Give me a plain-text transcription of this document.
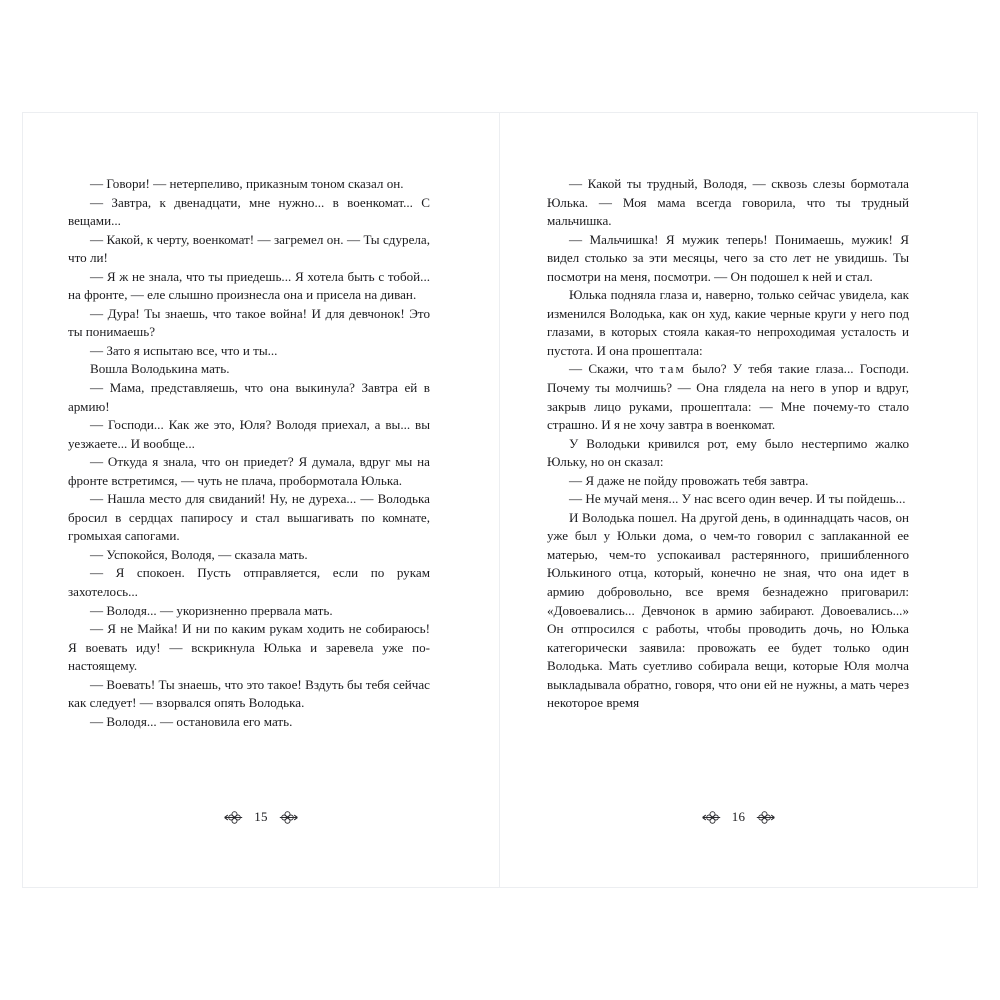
— Говори! — нетерпеливо, приказным тоном сказал он.

— Завтра, к двенадцати, мне нужно... в военкомат... С вещами...

— Какой, к черту, военкомат! — загремел он. — Ты сдурела, что ли!

— Я ж не знала, что ты приедешь... Я хотела быть с тобой... на фронте, — еле слышно произнесла она и присела на диван.

— Дура! Ты знаешь, что такое война! И для девчонок! Это ты понимаешь?

— Зато я испытаю все, что и ты...

Вошла Володькина мать.

— Мама, представляешь, что она выкинула? Завтра ей в армию!

— Господи... Как же это, Юля? Володя приехал, а вы... вы уезжаете... И вообще...

— Откуда я знала, что он приедет? Я думала, вдруг мы на фронте встретимся, — чуть не плача, пробормотала Юлька.

— Нашла место для свиданий! Ну, не дуреха... — Володька бросил в сердцах папиросу и стал вышагивать по комнате, громыхая сапогами.

— Успокойся, Володя, — сказала мать.

— Я спокоен. Пусть отправляется, если по рукам захотелось...

— Володя... — укоризненно прервала мать.

— Я не Майка! И ни по каким рукам ходить не собираюсь! Я воевать иду! — вскрикнула Юлька и заревела уже по-настоящему.

— Воевать! Ты знаешь, что это такое! Вздуть бы тебя сейчас как следует! — взорвался опять Володька.

— Володя... — остановила его мать.

15

— Какой ты трудный, Володя, — сквозь слезы бормотала Юлька. — Моя мама всегда говорила, что ты трудный мальчишка.

— Мальчишка! Я мужик теперь! Понимаешь, мужик! Я видел столько за эти месяцы, чего за сто лет не увидишь. Ты посмотри на меня, посмотри. — Он подошел к ней и стал.

Юлька подняла глаза и, наверно, только сейчас увидела, как изменился Володька, как он худ, какие черные круги у него под глазами, в которых стояла какая-то непроходимая усталость и пустота. И она прошептала:

— Скажи, что там было? У тебя такие глаза... Господи. Почему ты молчишь? — Она глядела на него в упор и вдруг, закрыв лицо руками, прошептала: — Мне почему-то стало страшно. И я не хочу завтра в военкомат.

У Володьки кривился рот, ему было нестерпимо жалко Юльку, но он сказал:

— Я даже не пойду провожать тебя завтра.

— Не мучай меня... У нас всего один вечер. И ты пойдешь...

И Володька пошел. На другой день, в одиннадцать часов, он уже был у Юльки дома, о чем-то говорил с заплаканной ее матерью, чем-то успокаивал растерянного, пришибленного Юлькиного отца, который, конечно не зная, что она идет в армию добровольно, все время безнадежно приговарил: «Довоевались... Девчонок в армию забирают. Довоевались...» Он отпросился с работы, чтобы проводить дочь, но Юлька категорически заявила: провожать ее будет только один Володька. Мать суетливо собирала вещи, которые Юля молча выкладывала обратно, говоря, что они ей не нужны, а мать через некоторое время

16
